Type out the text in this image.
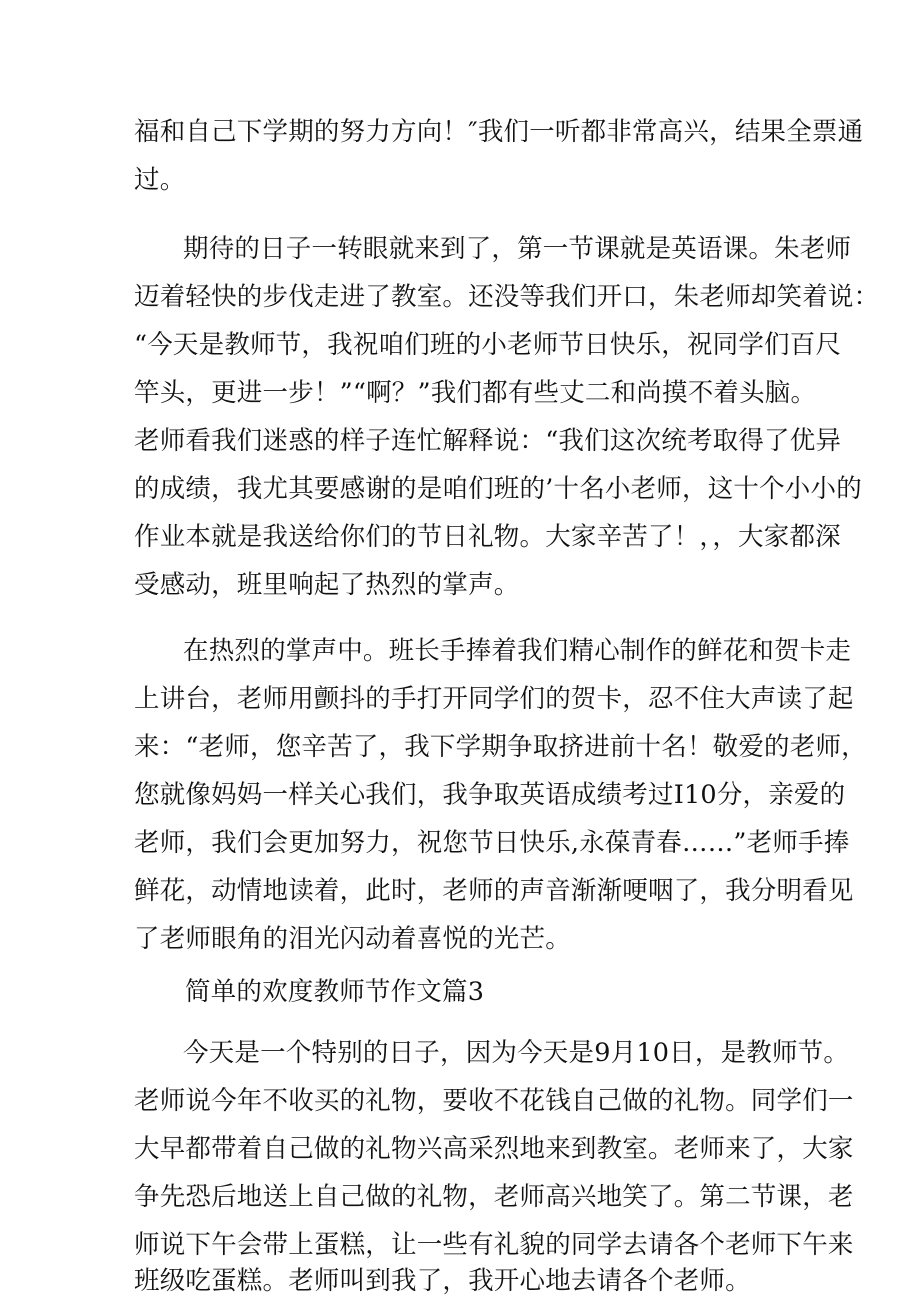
福和自己下学期的努力方向！″我们一听都非常高兴，结果全票通
过。
期待的日子一转眼就来到了，第一节课就是英语课。朱老师
迈着轻快的步伐走进了教室。还没等我们开口，朱老师却笑着说：
“今天是教师节，我祝咱们班的小老师节日快乐，祝同学们百尺
竿头，更进一步！”“啊？”我们都有些丈二和尚摸不着头脑。
老师看我们迷惑的样子连忙解释说：“我们这次统考取得了优异
的成绩，我尤其要感谢的是咱们班的’十名小老师，这十个小小的
作业本就是我送给你们的节日礼物。大家辛苦了！，，大家都深
受感动，班里响起了热烈的掌声。
在热烈的掌声中。班长手捧着我们精心制作的鲜花和贺卡走
上讲台，老师用颤抖的手打开同学们的贺卡，忍不住大声读了起
来：“老师，您辛苦了，我下学期争取挤进前十名！敬爱的老师，
您就像妈妈一样关心我们，我争取英语成绩考过I10分，亲爱的
老师，我们会更加努力，祝您节日快乐,永葆青春……”老师手捧
鲜花，动情地读着，此时，老师的声音渐渐哽咽了，我分明看见
了老师眼角的泪光闪动着喜悦的光芒。
简单的欢度教师节作文篇3
今天是一个特别的日子，因为今天是9月10日，是教师节。
老师说今年不收买的礼物，要收不花钱自己做的礼物。同学们一
大早都带着自己做的礼物兴高采烈地来到教室。老师来了，大家
争先恐后地送上自己做的礼物，老师高兴地笑了。第二节课，老
师说下午会带上蛋糕，让一些有礼貌的同学去请各个老师下午来
班级吃蛋糕。老师叫到我了，我开心地去请各个老师。
